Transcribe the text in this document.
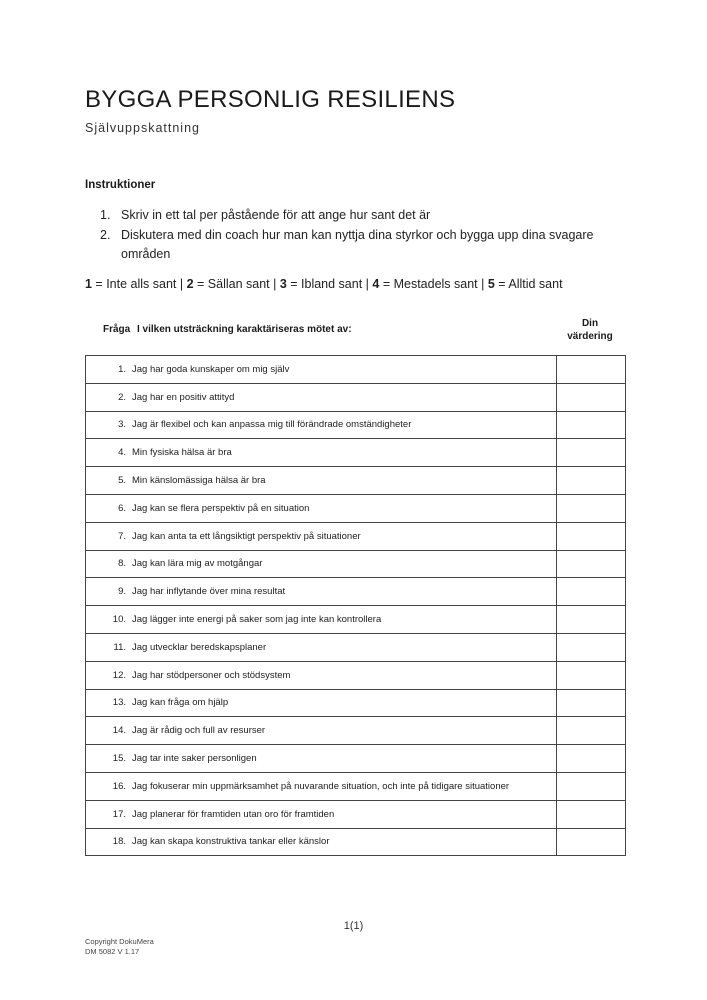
BYGGA PERSONLIG RESILIENS
Självuppskattning
Instruktioner
1. Skriv in ett tal per påstående för att ange hur sant det är
2. Diskutera med din coach hur man kan nyttja dina styrkor och bygga upp dina svagare områden
1 = Inte alls sant | 2 = Sällan sant | 3 = Ibland sant | 4 = Mestadels sant | 5 = Alltid sant
Fråga I vilken utsträckning karaktäriseras mötet av:
Din
värdering
1. Jag har goda kunskaper om mig själv	
2. Jag har en positiv attityd	
3. Jag är flexibel och kan anpassa mig till förändrade omständigheter	
4. Min fysiska hälsa är bra	
5. Min känslomässiga hälsa är bra	
6. Jag kan se flera perspektiv på en situation	
7. Jag kan anta ta ett långsiktigt perspektiv på situationer	
8. Jag kan lära mig av motgångar	
9. Jag har inflytande över mina resultat	
10. Jag lägger inte energi på saker som jag inte kan kontrollera	
11. Jag utvecklar beredskapsplaner	
12. Jag har stödpersoner och stödsystem	
13. Jag kan fråga om hjälp	
14. Jag är rådig och full av resurser	
15. Jag tar inte saker personligen	
16. Jag fokuserar min uppmärksamhet på nuvarande situation, och inte på tidigare situationer	
17. Jag planerar för framtiden utan oro för framtiden	
18. Jag kan skapa konstruktiva tankar eller känslor	
1(1)
Copyright DokuMera
DM 5082 V 1.17
